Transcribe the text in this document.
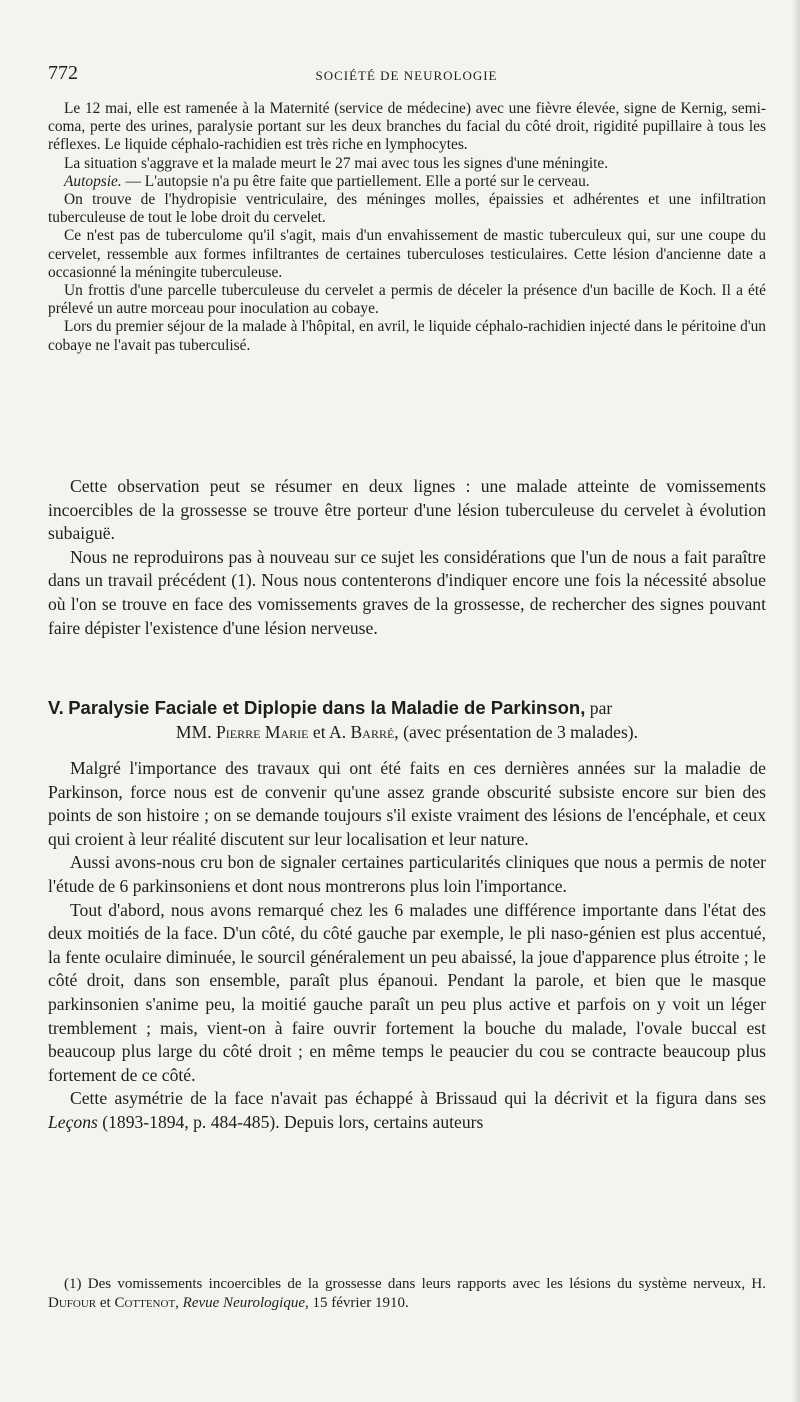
772	SOCIÉTÉ DE NEUROLOGIE

Le 12 mai, elle est ramenée à la Maternité (service de médecine) avec une fièvre élevée, signe de Kernig, semi-coma, perte des urines, paralysie portant sur les deux branches du facial du côté droit, rigidité pupillaire à tous les réflexes. Le liquide céphalo-rachidien est très riche en lymphocytes.

La situation s'aggrave et la malade meurt le 27 mai avec tous les signes d'une méningite.

Autopsie. — L'autopsie n'a pu être faite que partiellement. Elle a porté sur le cerveau.

On trouve de l'hydropisie ventriculaire, des méninges molles, épaissies et adhérentes et une infiltration tuberculeuse de tout le lobe droit du cervelet.

Ce n'est pas de tuberculome qu'il s'agit, mais d'un envahissement de mastic tuberculeux qui, sur une coupe du cervelet, ressemble aux formes infiltrantes de certaines tuberculoses testiculaires. Cette lésion d'ancienne date a occasionné la méningite tuberculeuse.

Un frottis d'une parcelle tuberculeuse du cervelet a permis de déceler la présence d'un bacille de Koch. Il a été prélevé un autre morceau pour inoculation au cobaye.

Lors du premier séjour de la malade à l'hôpital, en avril, le liquide céphalo-rachidien injecté dans le péritoine d'un cobaye ne l'avait pas tuberculisé.

Cette observation peut se résumer en deux lignes : une malade atteinte de vomissements incoercibles de la grossesse se trouve être porteur d'une lésion tuberculeuse du cervelet à évolution subaiguë.

Nous ne reproduirons pas à nouveau sur ce sujet les considérations que l'un de nous a fait paraître dans un travail précédent (1). Nous nous contenterons d'indiquer encore une fois la nécessité absolue où l'on se trouve en face des vomissements graves de la grossesse, de rechercher des signes pouvant faire dépister l'existence d'une lésion nerveuse.

V. Paralysie Faciale et Diplopie dans la Maladie de Parkinson, par
MM. Pierre Marie et A. Barré, (avec présentation de 3 malades).

Malgré l'importance des travaux qui ont été faits en ces dernières années sur la maladie de Parkinson, force nous est de convenir qu'une assez grande obscurité subsiste encore sur bien des points de son histoire ; on se demande toujours s'il existe vraiment des lésions de l'encéphale, et ceux qui croient à leur réalité discutent sur leur localisation et leur nature.

Aussi avons-nous cru bon de signaler certaines particularités cliniques que nous a permis de noter l'étude de 6 parkinsoniens et dont nous montrerons plus loin l'importance.

Tout d'abord, nous avons remarqué chez les 6 malades une différence importante dans l'état des deux moitiés de la face. D'un côté, du côté gauche par exemple, le pli naso-génien est plus accentué, la fente oculaire diminuée, le sourcil généralement un peu abaissé, la joue d'apparence plus étroite ; le côté droit, dans son ensemble, paraît plus épanoui. Pendant la parole, et bien que le masque parkinsonien s'anime peu, la moitié gauche paraît un peu plus active et parfois on y voit un léger tremblement ; mais, vient-on à faire ouvrir fortement la bouche du malade, l'ovale buccal est beaucoup plus large du côté droit ; en même temps le peaucier du cou se contracte beaucoup plus fortement de ce côté.

Cette asymétrie de la face n'avait pas échappé à Brissaud qui la décrivit et la figura dans ses Leçons (1893-1894, p. 484-485). Depuis lors, certains auteurs

(1) Des vomissements incoercibles de la grossesse dans leurs rapports avec les lésions du système nerveux, H. Dufour et Cottenot, Revue Neurologique, 15 février 1910.
